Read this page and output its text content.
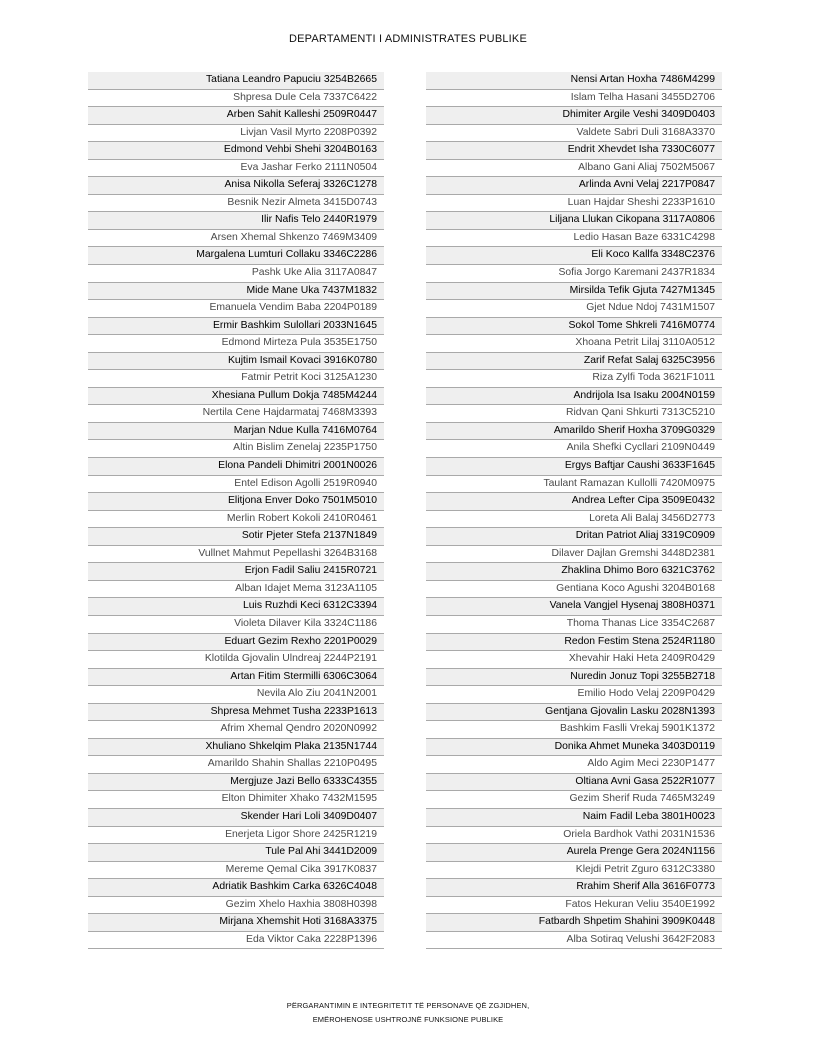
DEPARTAMENTI I ADMINISTRATES PUBLIKE
Tatiana Leandro Papuciu 3254B2665
Shpresa Dule Cela 7337C6422
Arben Sahit Kalleshi 2509R0447
Livjan Vasil Myrto 2208P0392
Edmond Vehbi Shehi 3204B0163
Eva Jashar Ferko 2111N0504
Anisa Nikolla Seferaj 3326C1278
Besnik Nezir Almeta 3415D0743
Ilir Nafis Telo 2440R1979
Arsen Xhemal Shkenzo 7469M3409
Margalena Lumturi Collaku 3346C2286
Pashk Uke Alia 3117A0847
Mide Mane Uka 7437M1832
Emanuela Vendim Baba 2204P0189
Ermir Bashkim Sulollari 2033N1645
Edmond Mirteza Pula 3535E1750
Kujtim Ismail Kovaci 3916K0780
Fatmir Petrit Koci 3125A1230
Xhesiana Pullum Dokja 7485M4244
Nertila Cene Hajdarmataj 7468M3393
Marjan Ndue Kulla 7416M0764
Altin Bislim Zenelaj 2235P1750
Elona Pandeli Dhimitri 2001N0026
Entel Edison Agolli 2519R0940
Elitjona Enver Doko 7501M5010
Merlin Robert Kokoli 2410R0461
Sotir Pjeter Stefa 2137N1849
Vullnet Mahmut Pepellashi 3264B3168
Erjon Fadil Saliu 2415R0721
Alban Idajet Mema 3123A1105
Luis Ruzhdi Keci 6312C3394
Violeta Dilaver Kila 3324C1186
Eduart Gezim Rexho 2201P0029
Klotilda Gjovalin Ulndreaj 2244P2191
Artan Fitim Stermilli 6306C3064
Nevila Alo Ziu 2041N2001
Shpresa Mehmet Tusha 2233P1613
Afrim Xhemal Qendro 2020N0992
Xhuliano Shkelqim Plaka 2135N1744
Amarildo Shahin Shallas 2210P0495
Mergjuze Jazi Bello 6333C4355
Elton Dhimiter Xhako 7432M1595
Skender Hari Loli 3409D0407
Enerjeta Ligor Shore 2425R1219
Tule Pal Ahi 3441D2009
Mereme Qemal Cika 3917K0837
Adriatik Bashkim Carka 6326C4048
Gezim Xhelo Haxhia 3808H0398
Mirjana Xhemshit Hoti 3168A3375
Eda Viktor Caka 2228P1396
Nensi Artan Hoxha 7486M4299
Islam Telha Hasani 3455D2706
Dhimiter Argile Veshi 3409D0403
Valdete Sabri Duli 3168A3370
Endrit Xhevdet Isha 7330C6077
Albano Gani Aliaj 7502M5067
Arlinda Avni Velaj 2217P0847
Luan Hajdar Sheshi 2233P1610
Liljana Llukan Cikopana 3117A0806
Ledio Hasan Baze 6331C4298
Eli Koco Kallfa 3348C2376
Sofia Jorgo Karemani 2437R1834
Mirsilda Tefik Gjuta 7427M1345
Gjet Ndue Ndoj 7431M1507
Sokol Tome Shkreli 7416M0774
Xhoana Petrit Lilaj 3110A0512
Zarif Refat Salaj 6325C3956
Riza Zylfi Toda 3621F1011
Andrijola Isa Isaku 2004N0159
Ridvan Qani Shkurti 7313C5210
Amarildo Sherif Hoxha 3709G0329
Anila Shefki Cycllari 2109N0449
Ergys Baftjar Caushi 3633F1645
Taulant Ramazan Kullolli 7420M0975
Andrea Lefter Cipa 3509E0432
Loreta Ali Balaj 3456D2773
Dritan Patriot Aliaj 3319C0909
Dilaver Dajlan Gremshi 3448D2381
Zhaklina Dhimo Boro 6321C3762
Gentiana Koco Agushi 3204B0168
Vanela Vangjel Hysenaj 3808H0371
Thoma Thanas Lice 3354C2687
Redon Festim Stena 2524R1180
Xhevahir Haki Heta 2409R0429
Nuredin Jonuz Topi 3255B2718
Emilio Hodo Velaj 2209P0429
Gentjana Gjovalin Lasku 2028N1393
Bashkim Faslli Vrekaj 5901K1372
Donika Ahmet Muneka 3403D0119
Aldo Agim Meci 2230P1477
Oltiana Avni Gasa 2522R1077
Gezim Sherif Ruda 7465M3249
Naim Fadil Leba 3801H0023
Oriela Bardhok Vathi 2031N1536
Aurela Prenge Gera 2024N1156
Klejdi Petrit Zguro 6312C3380
Rrahim Sherif Alla 3616F0773
Fatos Hekuran Veliu 3540E1992
Fatbardh Shpetim Shahini 3909K0448
Alba Sotiraq Velushi 3642F2083
PËRGARANTIMIN E INTEGRITETIT TË PERSONAVE QË ZGJIDHEN,
EMËROHENOSE USHTROJNË FUNKSIONE PUBLIKE
